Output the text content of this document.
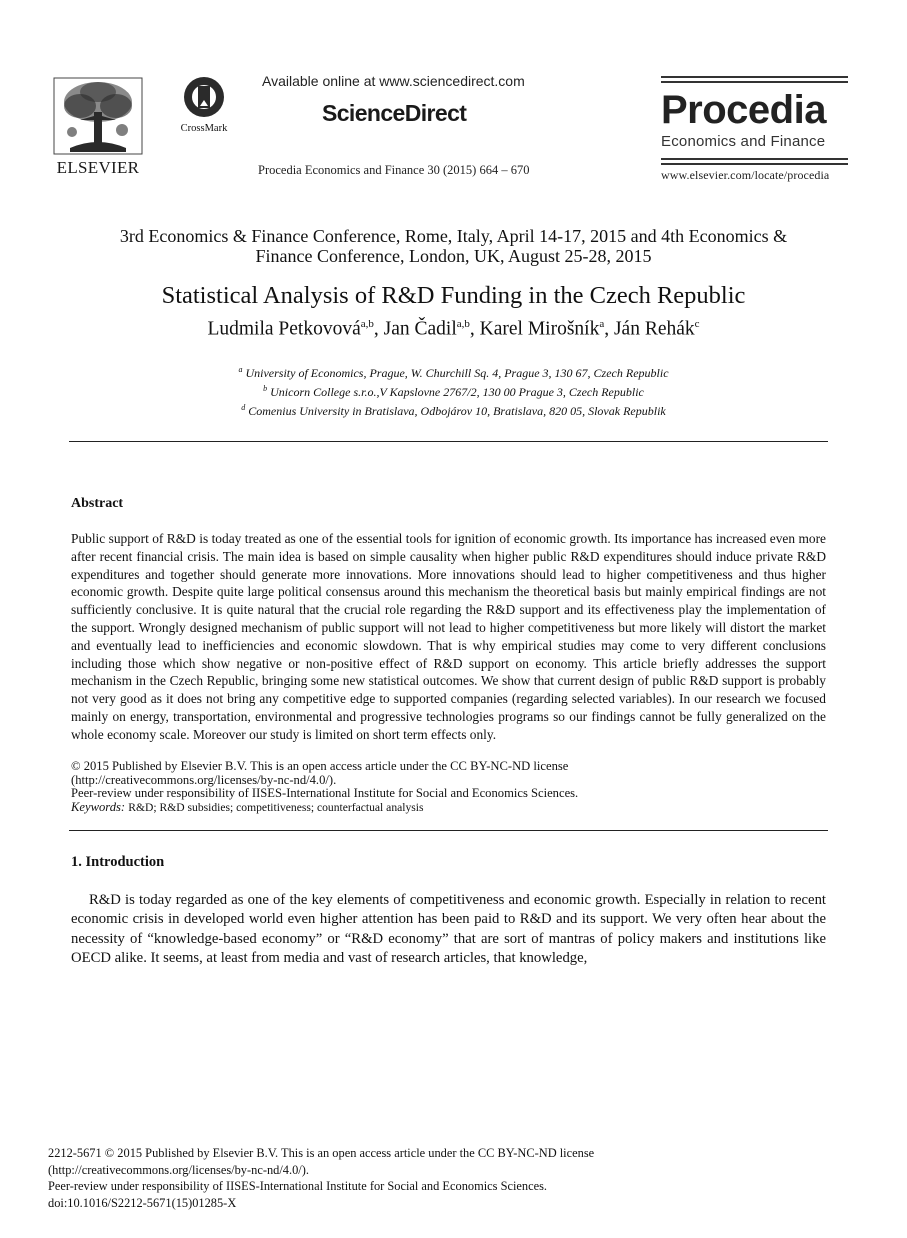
ELSEVIER
CrossMark
Available online at www.sciencedirect.com
ScienceDirect
Procedia Economics and Finance 30 (2015) 664 – 670
Procedia
Economics and Finance
www.elsevier.com/locate/procedia
3rd Economics & Finance Conference, Rome, Italy, April 14-17, 2015 and 4th Economics &
Finance Conference, London, UK, August 25-28, 2015
Statistical Analysis of R&D Funding in the Czech Republic
Ludmila Petkovová$^{a,b}$, Jan Čadil$^{a,b}$, Karel Mirošník$^a$, Ján Rehák$^c$
$^a$ University of Economics, Prague, W. Churchill Sq. 4, Prague 3, 130 67, Czech Republic
$^b$ Unicorn College s.r.o.,V Kapslovne 2767/2, 130 00 Prague 3, Czech Republic
$^d$ Comenius University in Bratislava, Odbojárov 10, Bratislava, 820 05, Slovak Republik
Abstract

Public support of R&D is today treated as one of the essential tools for ignition of economic growth. Its importance has increased even more after recent financial crisis. The main idea is based on simple causality when higher public R&D expenditures should induce private R&D expenditures and together should generate more innovations. More innovations should lead to higher competitiveness and thus higher economic growth. Despite quite large political consensus around this mechanism the theoretical basis but mainly empirical findings are not sufficiently conclusive. It is quite natural that the crucial role regarding the R&D support and its effectiveness play the implementation of the support. Wrongly designed mechanism of public support will not lead to higher competitiveness but more likely will distort the market and eventually lead to inefficiencies and economic slowdown. That is why empirical studies may come to very different conclusions including those which show negative or non-positive effect of R&D support on economy. This article briefly addresses the support mechanism in the Czech Republic, bringing some new statistical outcomes. We show that current design of public R&D support is probably not very good as it does not bring any competitive edge to supported companies (regarding selected variables). In our research we focused mainly on energy, transportation, environmental and progressive technologies programs so our findings cannot be fully generalized on the whole economy scale. Moreover our study is limited on short term effects only.

© 2015 Published by Elsevier B.V. This is an open access article under the CC BY-NC-ND license

(http://creativecommons.org/licenses/by-nc-nd/4.0/).

Peer-review under responsibility of IISES-International Institute for Social and Economics Sciences.

Keywords: R&D; R&D subsidies; competitiveness; counterfactual analysis

1. Introduction

R&D is today regarded as one of the key elements of competitiveness and economic growth. Especially in relation to recent economic crisis in developed world even higher attention has been paid to R&D and its support. We very often hear about the necessity of “knowledge-based economy” or “R&D economy” that are sort of mantras of policy makers and institutions like OECD alike. It seems, at least from media and vast of research articles, that knowledge,

2212-5671 © 2015 Published by Elsevier B.V. This is an open access article under the CC BY-NC-ND license

(http://creativecommons.org/licenses/by-nc-nd/4.0/).

Peer-review under responsibility of IISES-International Institute for Social and Economics Sciences.

doi:10.1016/S2212-5671(15)01285-X
